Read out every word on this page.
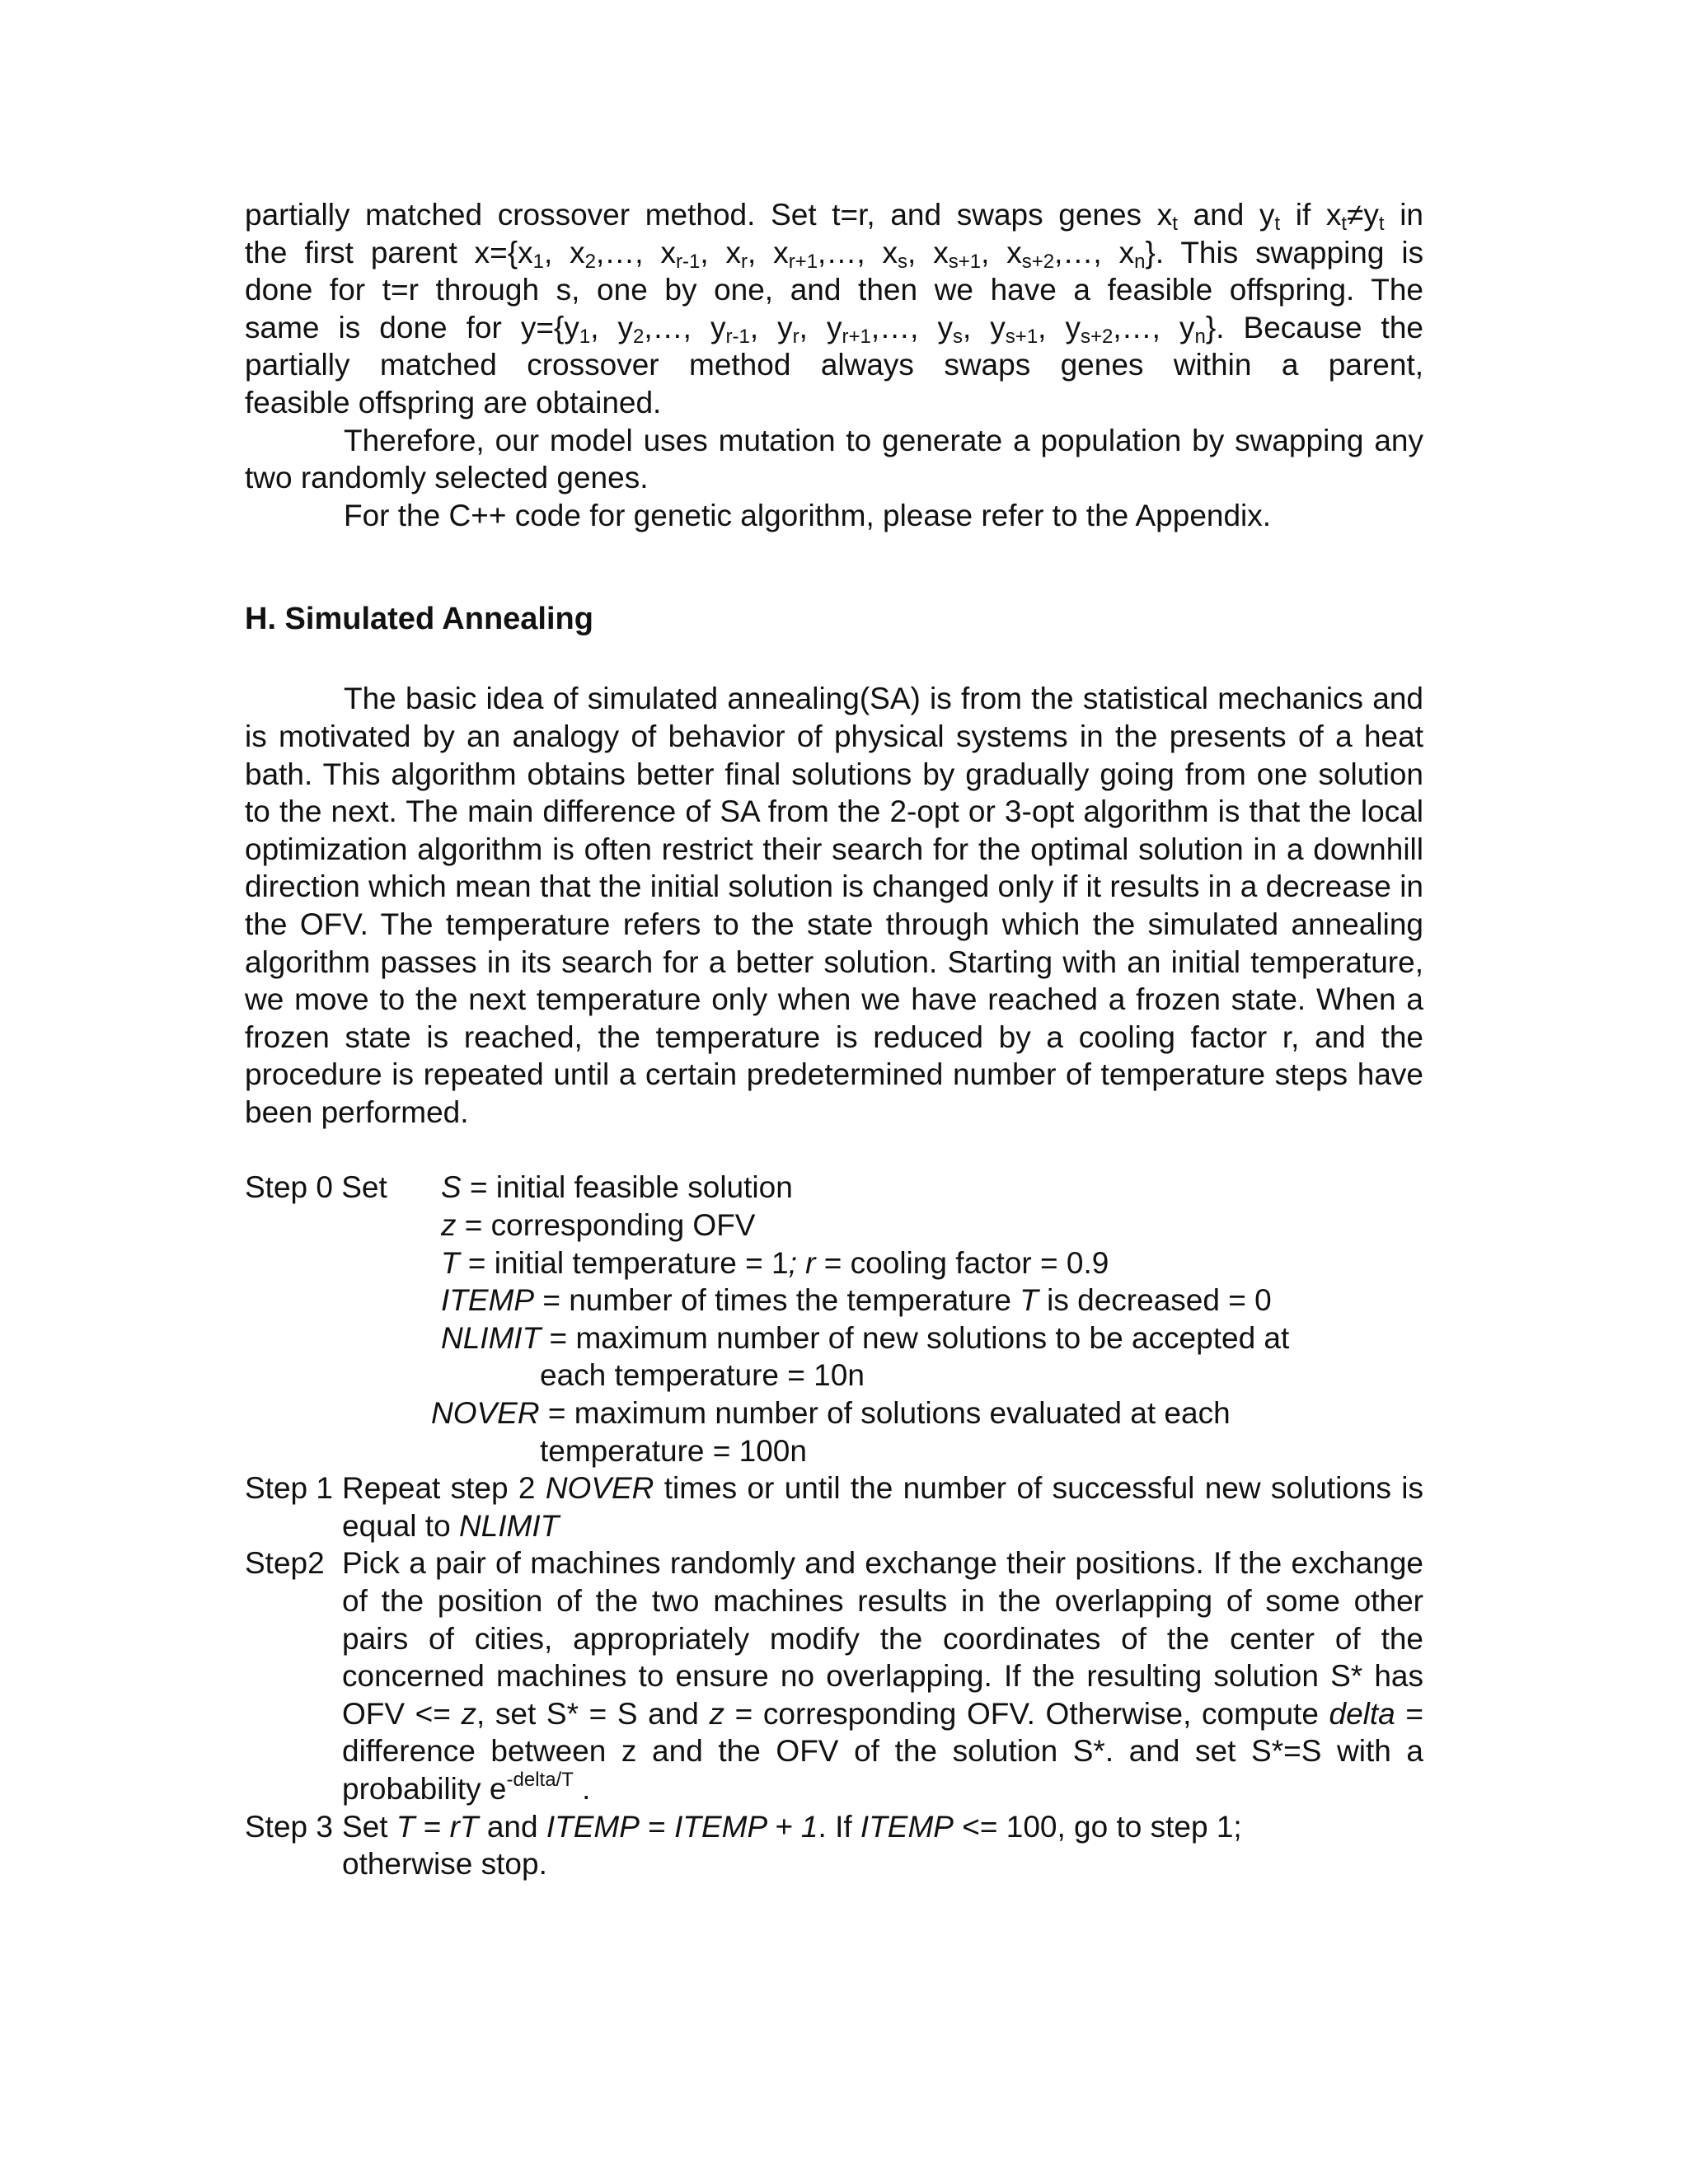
partially matched crossover method. Set t=r, and swaps genes $x_t$ and $y_t$ if $x_t\ne y_t$ in

the first parent $x=\{x_1$, $x_2,\dots$, $x_{r-1}$, $x_r$, $x_{r+1},\dots$, $x_s$, $x_{s+1}$, $x_{s+2},\dots$, $x_n$}. This swapping is

done for t=r through s, one by one, and then we have a feasible offspring. The

same is done for $y=\{y_1$, $y_2,\dots$, $y_{r-1}$, $y_r$, $y_{r+1},\dots$, $y_s$, $y_{s+1}$, $y_{s+2},\dots$, $y_n$}. Because the

partially matched crossover method always swaps genes within a parent,

feasible offspring are obtained.

Therefore, our model uses mutation to generate a population by swapping any two randomly selected genes.

For the C++ code for genetic algorithm, please refer to the Appendix.

H. Simulated Annealing

The basic idea of simulated annealing(SA) is from the statistical mechanics and is motivated by an analogy of behavior of physical systems in the presents of a heat bath. This algorithm obtains better final solutions by gradually going from one solution to the next. The main difference of SA from the 2-opt or 3-opt algorithm is that the local optimization algorithm is often restrict their search for the optimal solution in a downhill direction which mean that the initial solution is changed only if it results in a decrease in the OFV. The temperature refers to the state through which the simulated annealing algorithm passes in its search for a better solution. Starting with an initial temperature, we move to the next temperature only when we have reached a frozen state. When a frozen state is reached, the temperature is reduced by a cooling factor r, and the procedure is repeated until a certain predetermined number of temperature steps have been performed.

Step 0 Set	S = initial feasible solution
z = corresponding OFV
T = initial temperature = 1; r = cooling factor = 0.9
ITEMP = number of times the temperature T is decreased = 0
NLIMIT = maximum number of new solutions to be accepted at
each temperature = 10n
NOVER = maximum number of solutions evaluated at each
temperature = 100n
Step 1 Repeat step 2 NOVER times or until the number of successful new solutions is equal to NLIMIT
Step2 Pick a pair of machines randomly and exchange their positions. If the exchange of the position of the two machines results in the overlapping of some other pairs of cities, appropriately modify the coordinates of the center of the concerned machines to ensure no overlapping. If the resulting solution S* has OFV <= z, set S* = S and z = corresponding OFV. Otherwise, compute delta = difference between z and the OFV of the solution S*. and set S*=S with a probability $e^{-delta/T}$ .
Step 3 Set T = rT and ITEMP = ITEMP + 1. If ITEMP <= 100, go to step 1;
otherwise stop.
